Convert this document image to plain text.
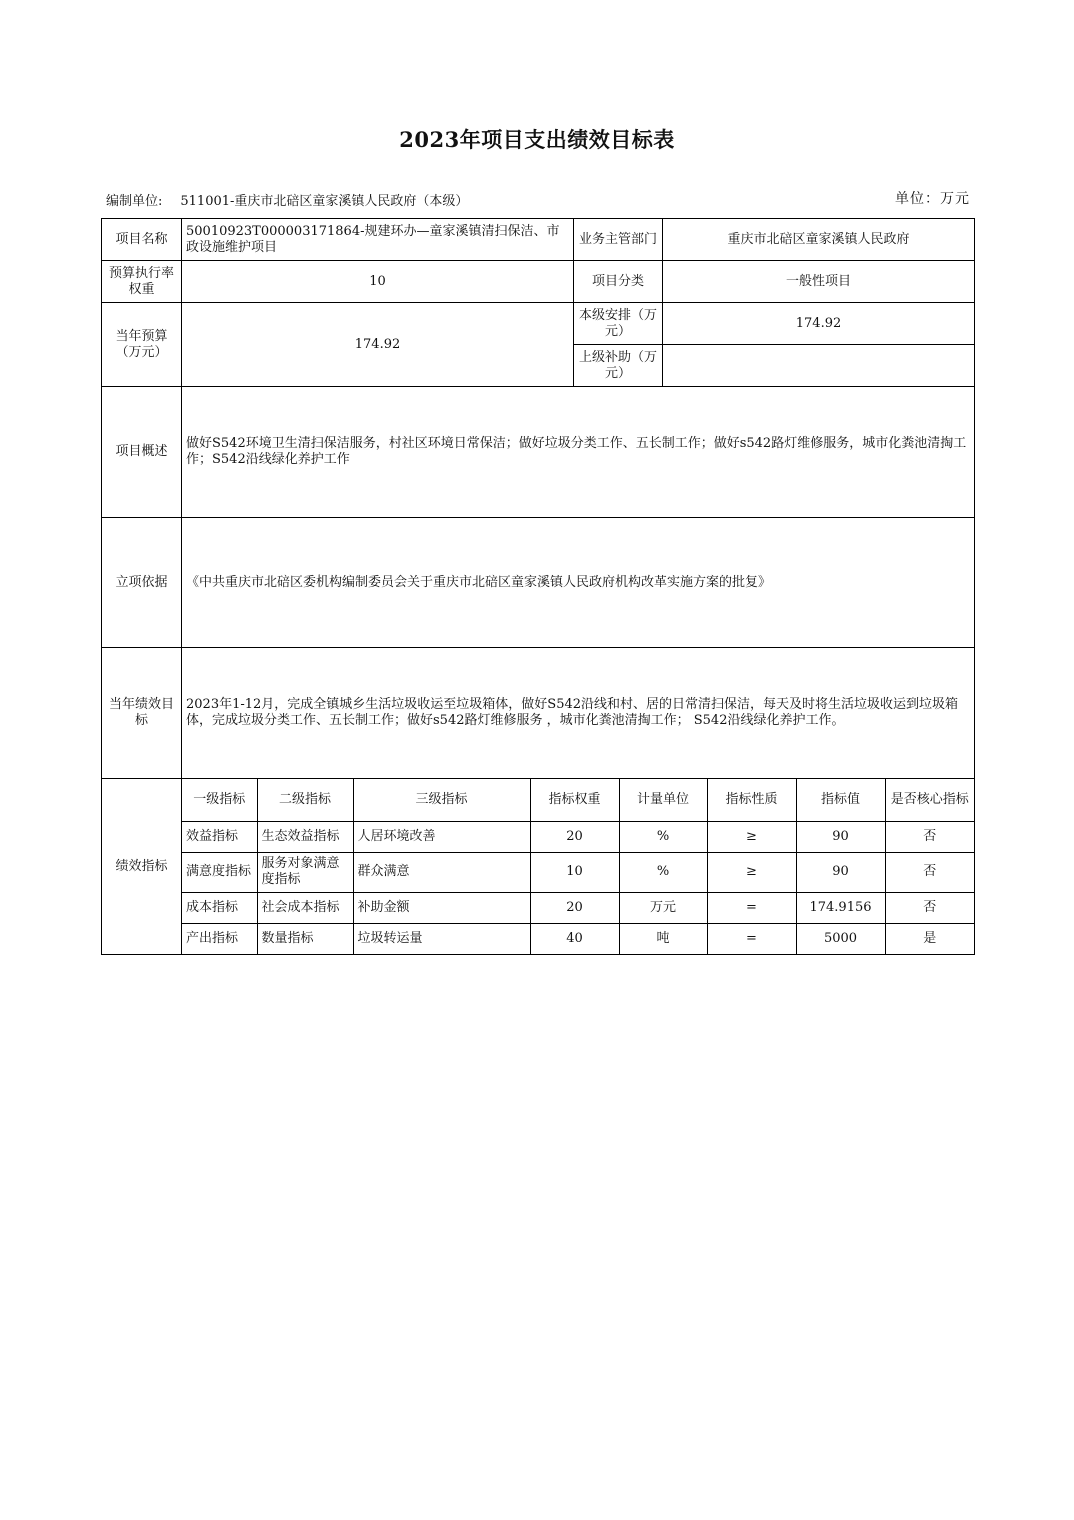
2023年项目支出绩效目标表
编制单位: 511001-重庆市北碚区童家溪镇人民政府（本级）	单位：万元
项目名称	50010923T000003171864-规建环办—童家溪镇清扫保洁、市政设施维护项目	业务主管部门	重庆市北碚区童家溪镇人民政府
预算执行率权重	10	项目分类	一般性项目
当年预算（万元）	174.92	本级安排（万元）	174.92
上级补助（万元）	
项目概述	做好S542环境卫生清扫保洁服务，村社区环境日常保洁；做好垃圾分类工作、五长制工作；做好s542路灯维修服务，城市化粪池清掏工作；S542沿线绿化养护工作
立项依据	《中共重庆市北碚区委机构编制委员会关于重庆市北碚区童家溪镇人民政府机构改革实施方案的批复》
当年绩效目标	2023年1-12月，完成全镇城乡生活垃圾收运至垃圾箱体，做好S542沿线和村、居的日常清扫保洁，每天及时将生活垃圾收运到垃圾箱体，完成垃圾分类工作、五长制工作；做好s542路灯维修服务 ，城市化粪池清掏工作； S542沿线绿化养护工作。
绩效指标	
一级指标	二级指标	三级指标	指标权重	计量单位	指标性质	指标值	是否核心指标
效益指标	生态效益指标	人居环境改善	20	%	≥	90	否
满意度指标	服务对象满意度指标	群众满意	10	%	≥	90	否
成本指标	社会成本指标	补助金额	20	万元	=	174.9156	否
产出指标	数量指标	垃圾转运量	40	吨	=	5000	是
